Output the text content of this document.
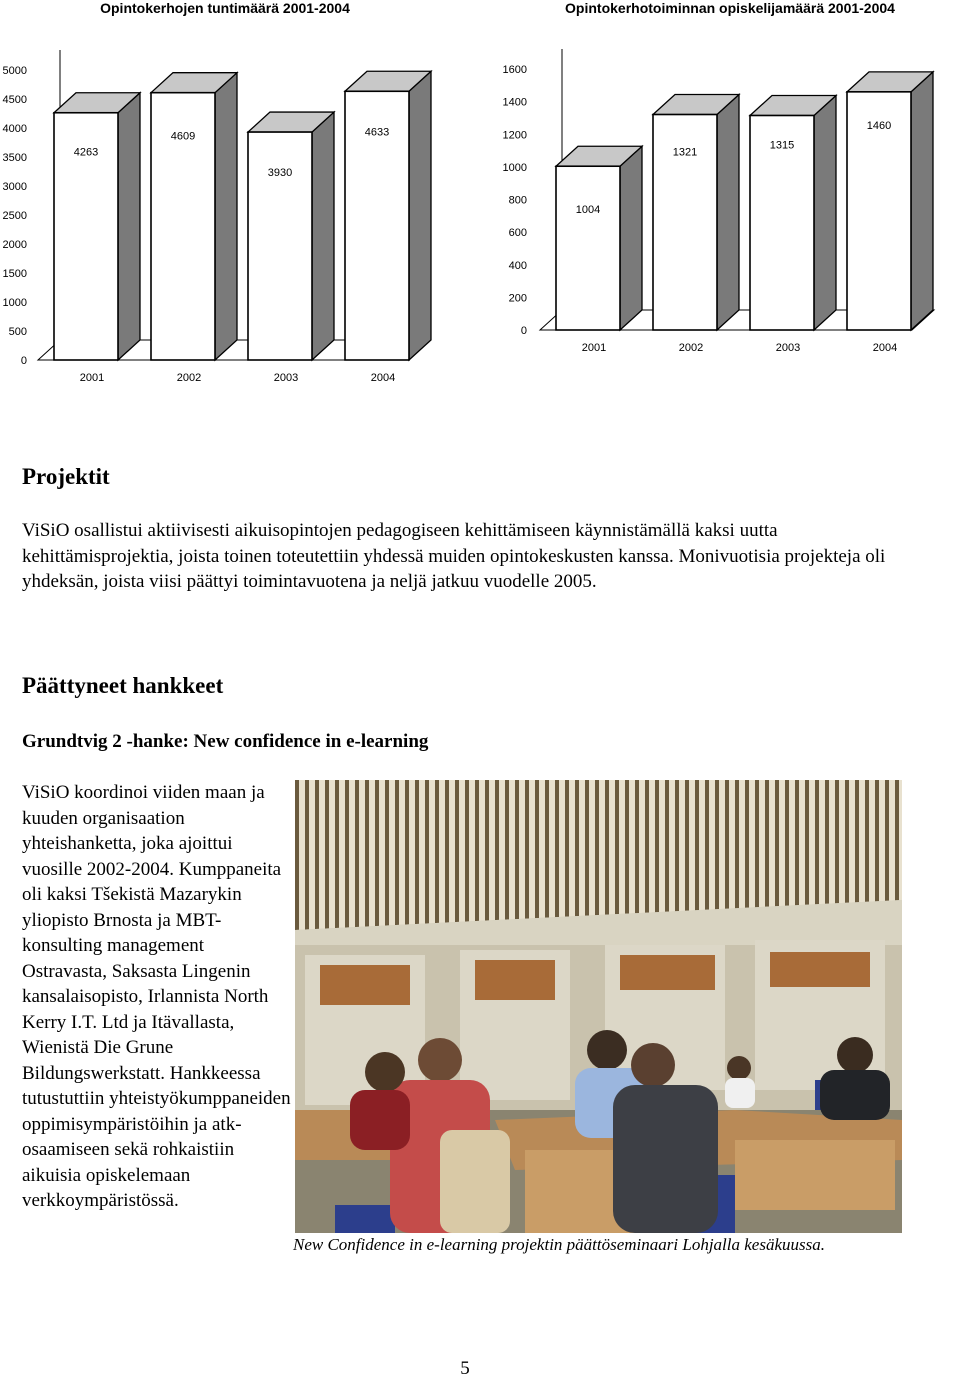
Opintokerhojen tuntimäärä 2001-2004	Opintokerhotoiminnan opiskelijamäärä 2001-2004
0
500
1000
1500
2000
2500
3000
3500
4000
4500
5000
4263
2001
4609
2002
3930
2003
4633
2004
0
200
400
600
800
1000
1200
1400
1600
1004
2001
1321
2002
1315
2003
1460
2004
Projektit

ViSiO osallistui aktiivisesti aikuisopintojen pedagogiseen kehittämiseen käynnistämällä kaksi uutta kehittämisprojektia, joista toinen toteutettiin yhdessä muiden opintokeskusten kanssa. Monivuotisia projekteja oli yhdeksän, joista viisi päättyi toimintavuotena ja neljä jatkuu vuodelle 2005.

Päättyneet hankkeet
Grundtvig 2 -hanke: New confidence in e-learning

ViSiO koordinoi viiden maan ja kuuden organisaation yhteishanketta, joka ajoittui vuosille 2002-2004. Kumppaneita oli kaksi Tšekistä Mazarykin yliopisto Brnosta ja MBT-konsulting management Ostravasta, Saksasta Lingenin kansalaisopisto, Irlannista North Kerry I.T. Ltd ja Itävallasta, Wienistä Die Grune Bildungswerkstatt. Hankkeessa tutustuttiin yhteistyökumppaneiden oppimisympäristöihin ja atk-osaamiseen sekä rohkaistiin aikuisia opiskelemaan verkkoympäristössä.

New Confidence in e-learning projektin päättöseminaari Lohjalla kesäkuussa.

5
